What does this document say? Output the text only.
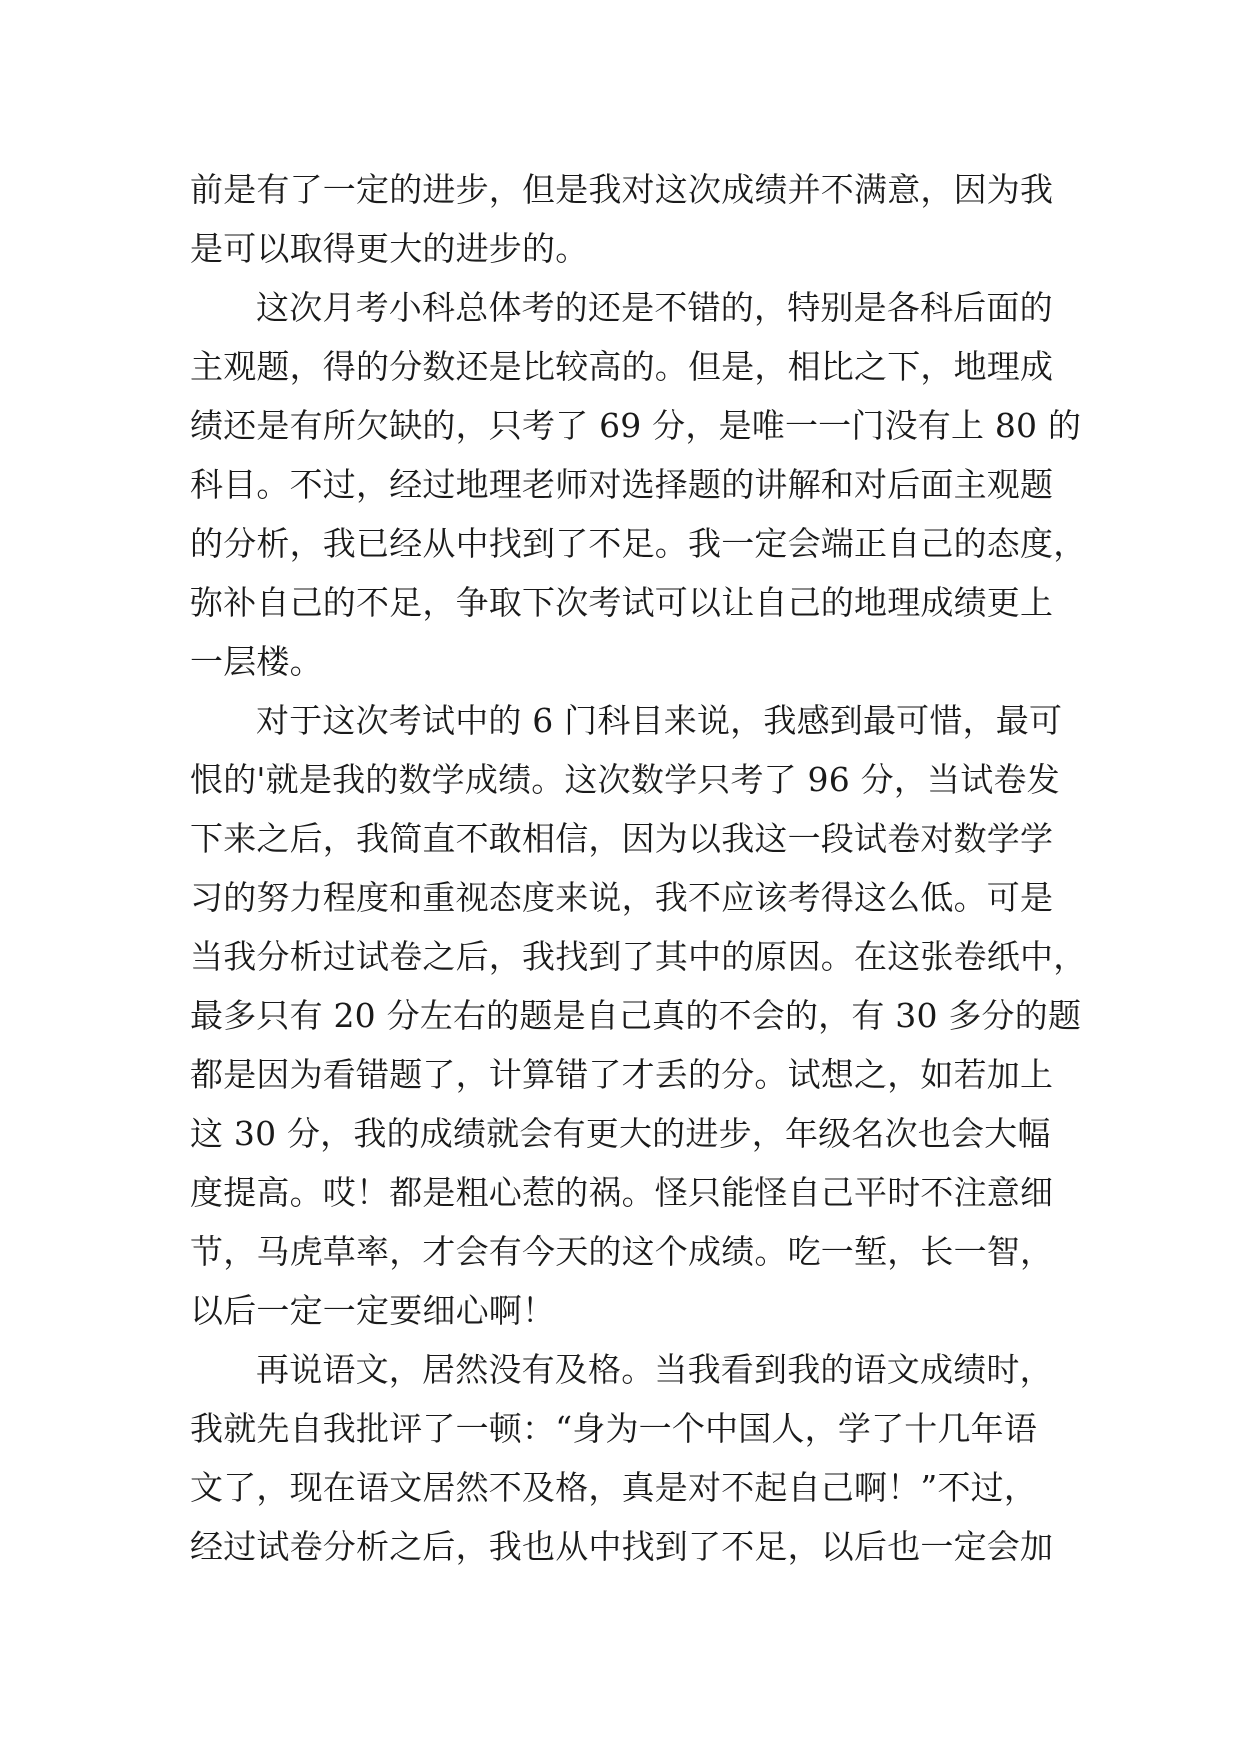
前是有了一定的进步，但是我对这次成绩并不满意，因为我
是可以取得更大的进步的。
这次月考小科总体考的还是不错的，特别是各科后面的
主观题，得的分数还是比较高的。但是，相比之下，地理成
绩还是有所欠缺的，只考了 69 分，是唯一一门没有上 80 的
科目。不过，经过地理老师对选择题的讲解和对后面主观题
的分析，我已经从中找到了不足。我一定会端正自己的态度，
弥补自己的不足，争取下次考试可以让自己的地理成绩更上
一层楼。
对于这次考试中的 6 门科目来说，我感到最可惜，最可
恨的'就是我的数学成绩。这次数学只考了 96 分，当试卷发
下来之后，我简直不敢相信，因为以我这一段试卷对数学学
习的努力程度和重视态度来说，我不应该考得这么低。可是
当我分析过试卷之后，我找到了其中的原因。在这张卷纸中，
最多只有 20 分左右的题是自己真的不会的，有 30 多分的题
都是因为看错题了，计算错了才丢的分。试想之，如若加上
这 30 分，我的成绩就会有更大的进步，年级名次也会大幅
度提高。哎！都是粗心惹的祸。怪只能怪自己平时不注意细
节，马虎草率，才会有今天的这个成绩。吃一堑，长一智，
以后一定一定要细心啊！
再说语文，居然没有及格。当我看到我的语文成绩时，
我就先自我批评了一顿：“身为一个中国人，学了十几年语
文了，现在语文居然不及格，真是对不起自己啊！”不过，
经过试卷分析之后，我也从中找到了不足，以后也一定会加
